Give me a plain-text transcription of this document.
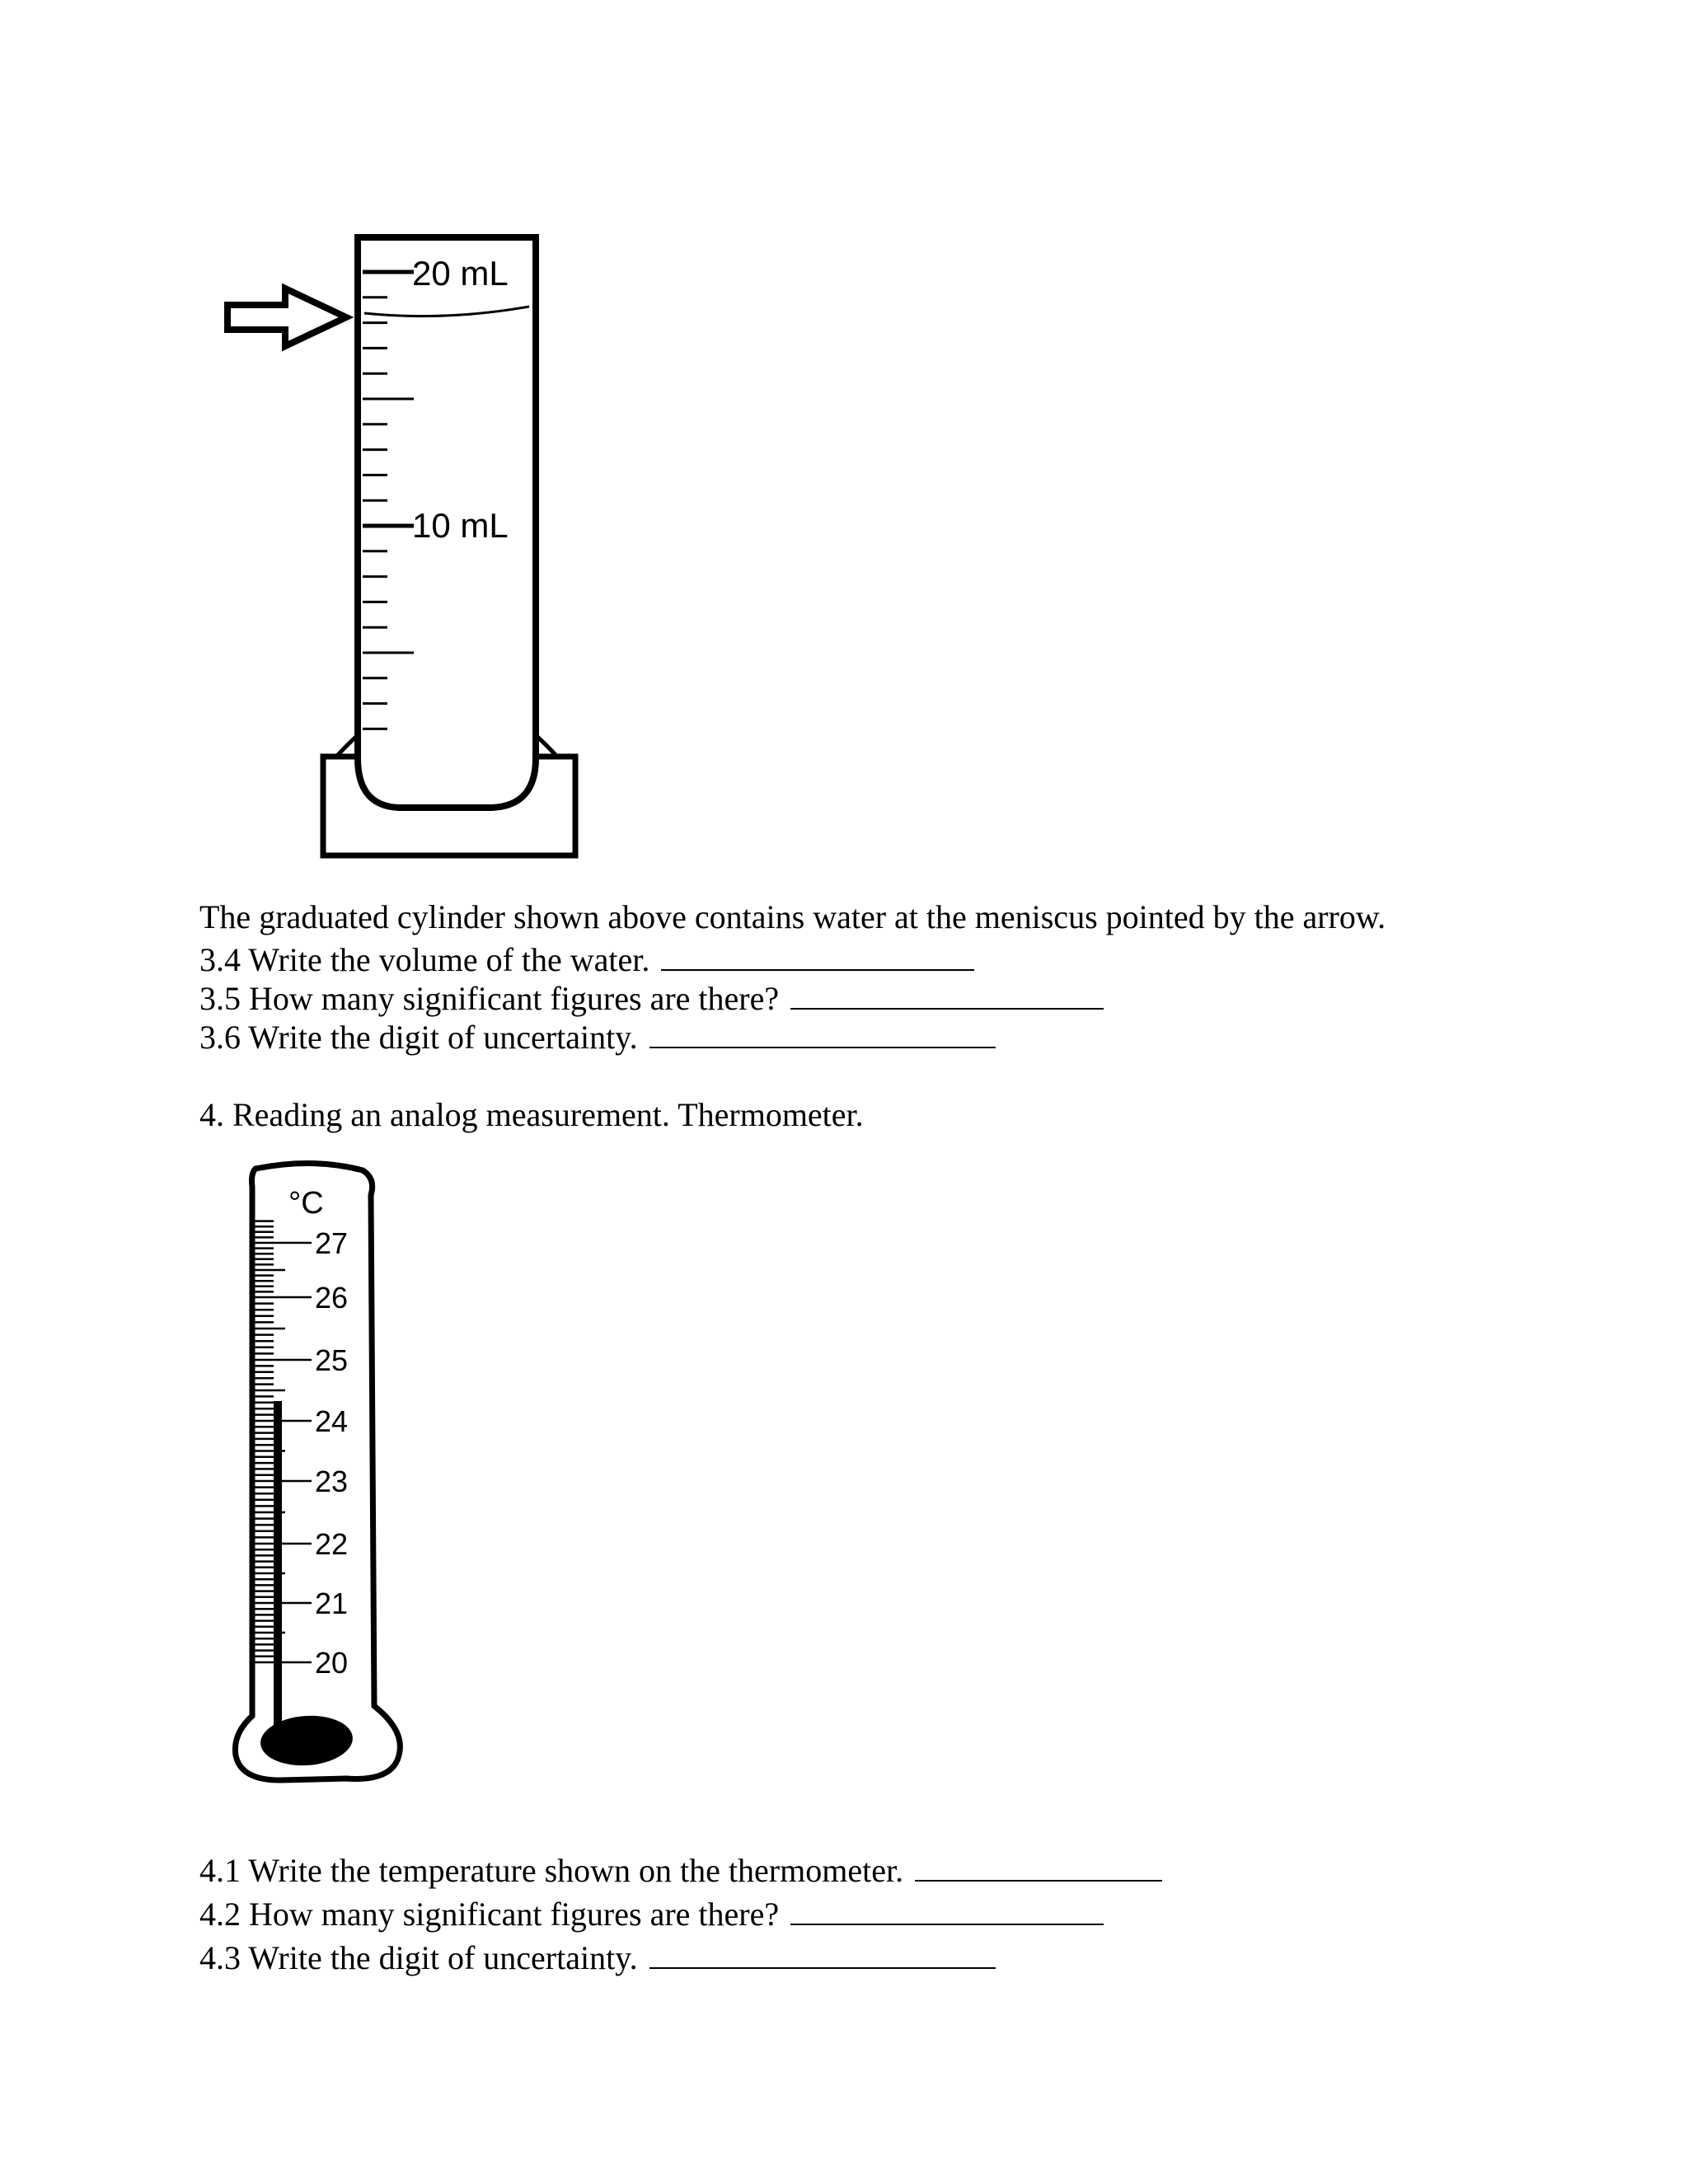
20 mL
10 mL
The graduated cylinder shown above contains water at the meniscus pointed by the arrow.
3.4 Write the volume of the water.
3.5 How many significant figures are there?
3.6 Write the digit of uncertainty.
4. Reading an analog measurement. Thermometer.
°C
27
26
25
24
23
22
21
20
4.1 Write the temperature shown on the thermometer.
4.2 How many significant figures are there?
4.3 Write the digit of uncertainty.
